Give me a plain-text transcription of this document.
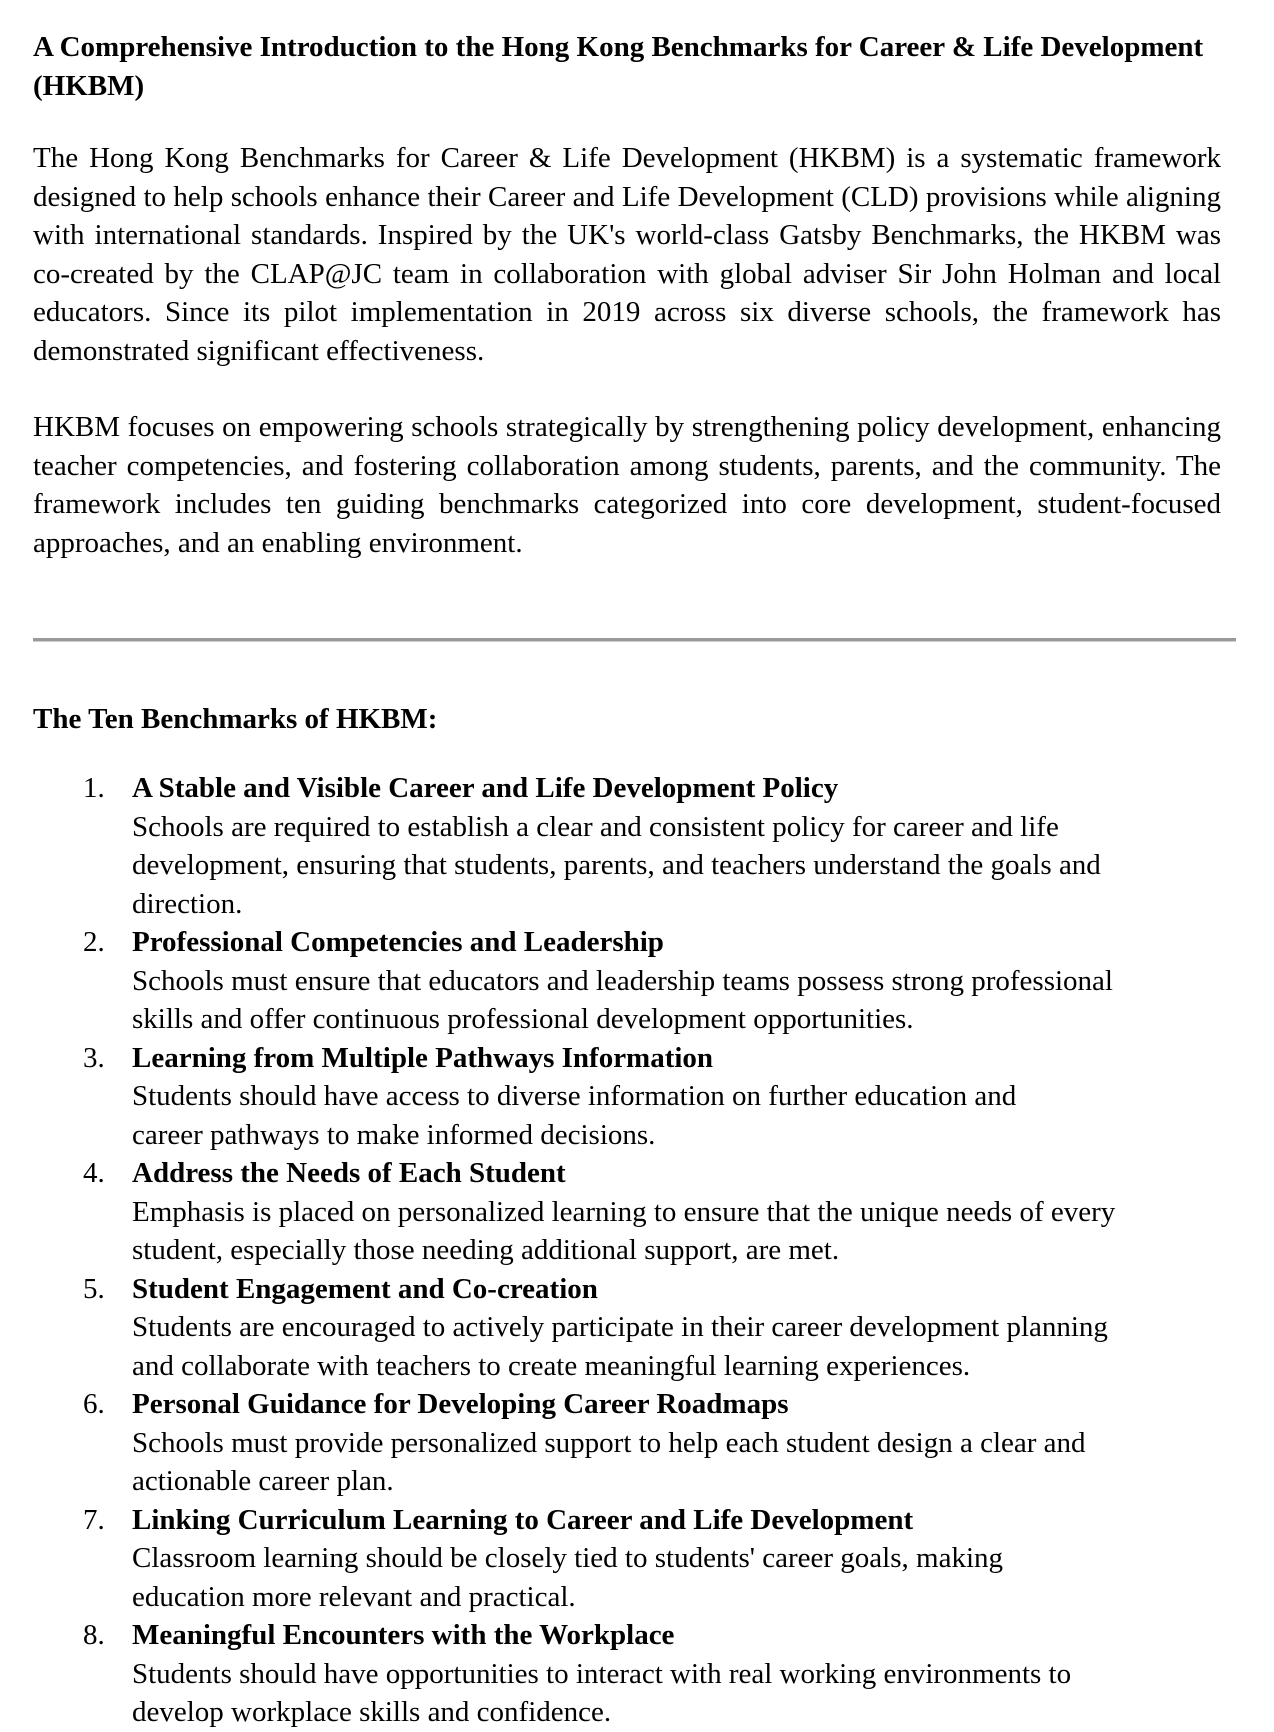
A Comprehensive Introduction to the Hong Kong Benchmarks for Career & Life Development (HKBM)

The Hong Kong Benchmarks for Career & Life Development (HKBM) is a systematic framework designed to help schools enhance their Career and Life Development (CLD) provisions while aligning with international standards. Inspired by the UK's world-class Gatsby Benchmarks, the HKBM was co-created by the CLAP@JC team in collaboration with global adviser Sir John Holman and local educators. Since its pilot implementation in 2019 across six diverse schools, the framework has demonstrated significant effectiveness.

HKBM focuses on empowering schools strategically by strengthening policy development, enhancing teacher competencies, and fostering collaboration among students, parents, and the community. The framework includes ten guiding benchmarks categorized into core development, student-focused approaches, and an enabling environment.

The Ten Benchmarks of HKBM:
1. A Stable and Visible Career and Life Development Policy
Schools are required to establish a clear and consistent policy for career and life development, ensuring that students, parents, and teachers understand the goals and direction.
2. Professional Competencies and Leadership
Schools must ensure that educators and leadership teams possess strong professional skills and offer continuous professional development opportunities.
3. Learning from Multiple Pathways Information
Students should have access to diverse information on further education and career pathways to make informed decisions.
4. Address the Needs of Each Student
Emphasis is placed on personalized learning to ensure that the unique needs of every student, especially those needing additional support, are met.
5. Student Engagement and Co-creation
Students are encouraged to actively participate in their career development planning and collaborate with teachers to create meaningful learning experiences.
6. Personal Guidance for Developing Career Roadmaps
Schools must provide personalized support to help each student design a clear and actionable career plan.
7. Linking Curriculum Learning to Career and Life Development
Classroom learning should be closely tied to students' career goals, making education more relevant and practical.
8. Meaningful Encounters with the Workplace
Students should have opportunities to interact with real working environments to develop workplace skills and confidence.
